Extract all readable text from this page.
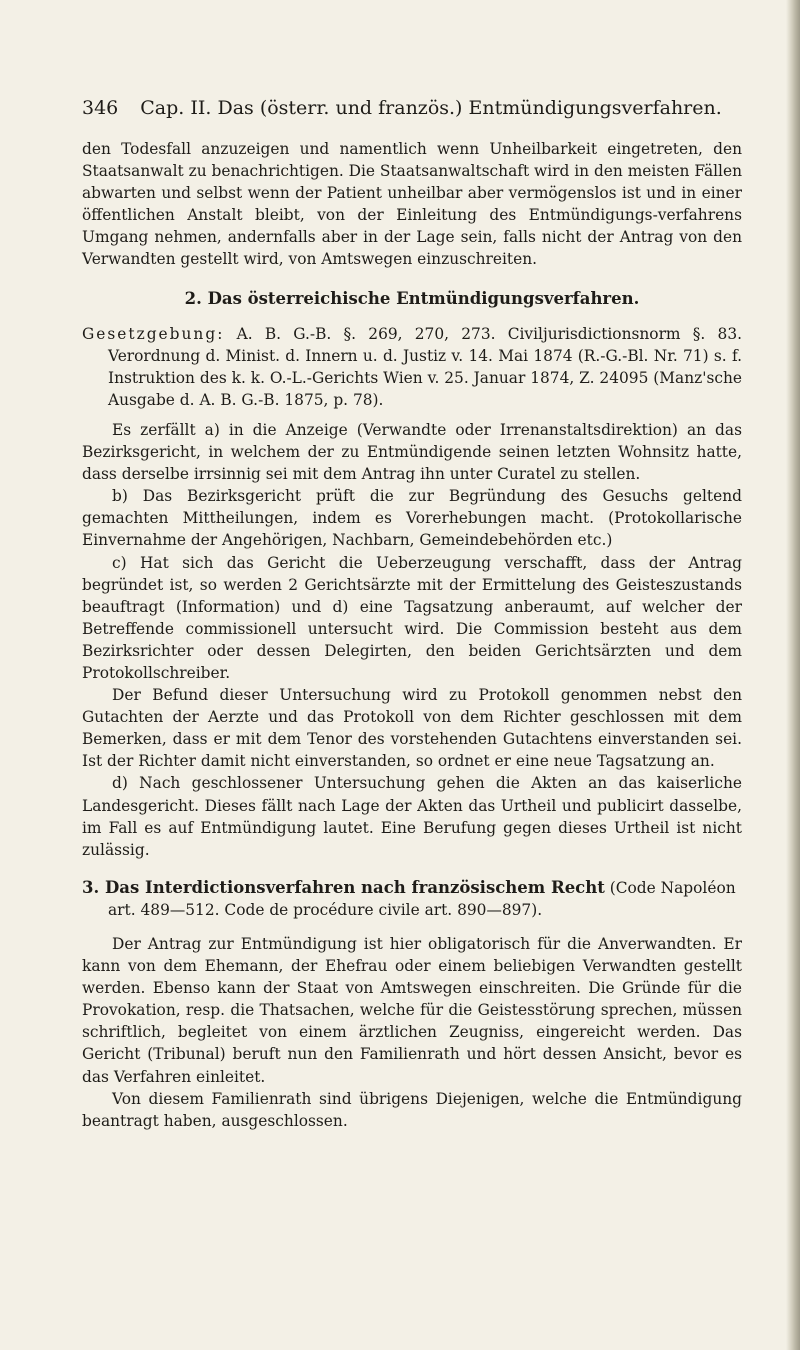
346 Cap. II. Das (österr. und französ.) Entmündigungsverfahren.

den Todesfall anzuzeigen und namentlich wenn Unheilbarkeit eingetreten, den Staatsanwalt zu benachrichtigen. Die Staatsanwaltschaft wird in den meisten Fällen abwarten und selbst wenn der Patient unheilbar aber vermögenslos ist und in einer öffentlichen Anstalt bleibt, von der Einleitung des Entmündigungs-verfahrens Umgang nehmen, andernfalls aber in der Lage sein, falls nicht der Antrag von den Verwandten gestellt wird, von Amtswegen einzuschreiten.

2. Das österreichische Entmündigungsverfahren.

Gesetzgebung: A. B. G.-B. §. 269, 270, 273. Civiljurisdictionsnorm §. 83. Verordnung d. Minist. d. Innern u. d. Justiz v. 14. Mai 1874 (R.-G.-Bl. Nr. 71) s. f. Instruktion des k. k. O.-L.-Gerichts Wien v. 25. Januar 1874, Z. 24095 (Manz'sche Ausgabe d. A. B. G.-B. 1875, p. 78).

Es zerfällt a) in die Anzeige (Verwandte oder Irrenanstaltsdirektion) an das Bezirksgericht, in welchem der zu Entmündigende seinen letzten Wohnsitz hatte, dass derselbe irrsinnig sei mit dem Antrag ihn unter Curatel zu stellen.

b) Das Bezirksgericht prüft die zur Begründung des Gesuchs geltend gemachten Mittheilungen, indem es Vorerhebungen macht. (Protokollarische Einvernahme der Angehörigen, Nachbarn, Gemeindebehörden etc.)

c) Hat sich das Gericht die Ueberzeugung verschafft, dass der Antrag begründet ist, so werden 2 Gerichtsärzte mit der Ermittelung des Geisteszustands beauftragt (Information) und d) eine Tagsatzung anberaumt, auf welcher der Betreffende commissionell untersucht wird. Die Commission besteht aus dem Bezirksrichter oder dessen Delegirten, den beiden Gerichtsärzten und dem Protokollschreiber.

Der Befund dieser Untersuchung wird zu Protokoll genommen nebst den Gutachten der Aerzte und das Protokoll von dem Richter geschlossen mit dem Bemerken, dass er mit dem Tenor des vorstehenden Gutachtens einverstanden sei. Ist der Richter damit nicht einverstanden, so ordnet er eine neue Tagsatzung an.

d) Nach geschlossener Untersuchung gehen die Akten an das kaiserliche Landesgericht. Dieses fällt nach Lage der Akten das Urtheil und publicirt dasselbe, im Fall es auf Entmündigung lautet. Eine Berufung gegen dieses Urtheil ist nicht zulässig.

3. Das Interdictionsverfahren nach französischem Recht (Code Napoléon art. 489—512. Code de procédure civile art. 890—897).

Der Antrag zur Entmündigung ist hier obligatorisch für die Anverwandten. Er kann von dem Ehemann, der Ehefrau oder einem beliebigen Verwandten gestellt werden. Ebenso kann der Staat von Amtswegen einschreiten. Die Gründe für die Provokation, resp. die Thatsachen, welche für die Geistesstörung sprechen, müssen schriftlich, begleitet von einem ärztlichen Zeugniss, eingereicht werden. Das Gericht (Tribunal) beruft nun den Familienrath und hört dessen Ansicht, bevor es das Verfahren einleitet.

Von diesem Familienrath sind übrigens Diejenigen, welche die Entmündigung beantragt haben, ausgeschlossen.
